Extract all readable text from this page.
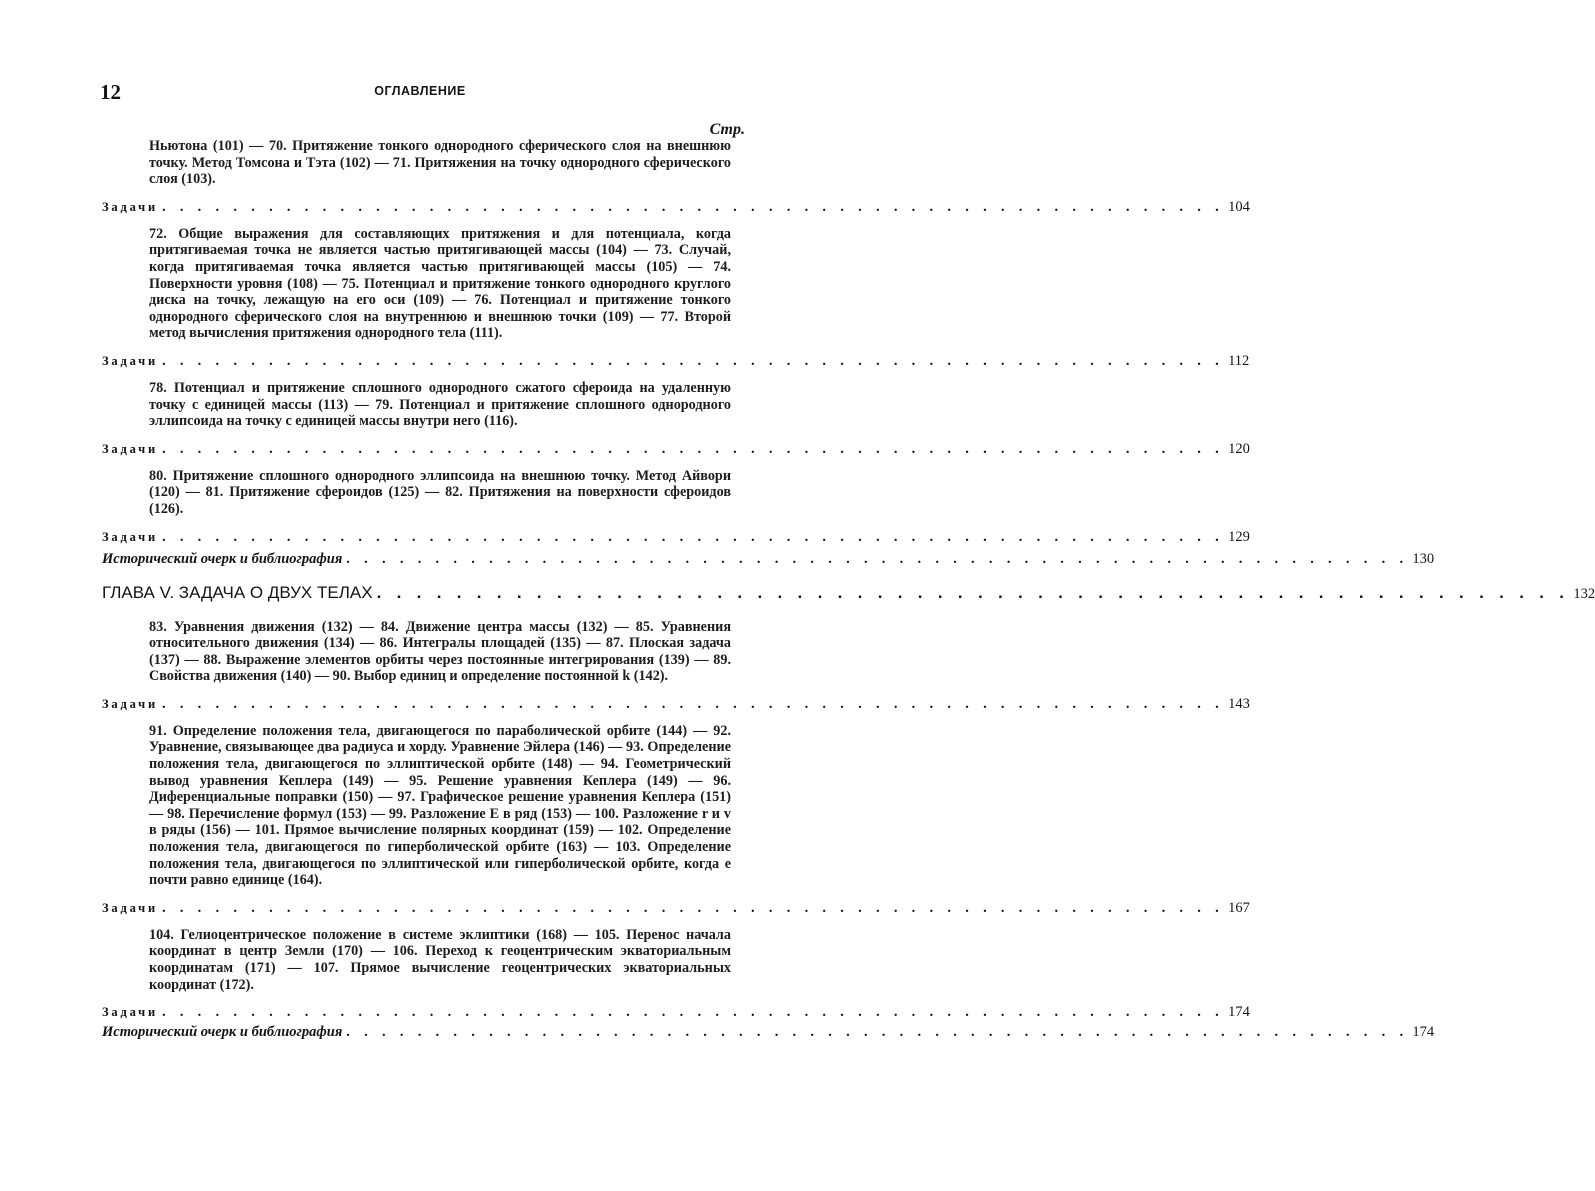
12	ОГЛАВЛЕНИЕ
Стр.

Ньютона (101) — 70. Притяжение тонкого однородного сферического слоя на внешнюю точку. Метод Томсона и Тэта (102) — 71. Притяжения на точку однородного сферического слоя (103).

Задачи . . . . . . . . . . . . . . . . . . . . . . . . . . . . . . . . . . . . . . . . . . . . . . . . . . . . . . . . . . . . 104

72. Общие выражения для составляющих притяжения и для потенциала, когда притягиваемая точка не является частью притягивающей массы (104) — 73. Случай, когда притягиваемая точка является частью притягивающей массы (105) — 74. Поверхности уровня (108) — 75. Потенциал и притяжение тонкого однородного круглого диска на точку, лежащую на его оси (109) — 76. Потенциал и притяжение тонкого однородного сферического слоя на внутреннюю и внешнюю точки (109) — 77. Второй метод вычисления притяжения однородного тела (111).

Задачи . . . . . . . . . . . . . . . . . . . . . . . . . . . . . . . . . . . . . . . . . . . . . . . . . . . . . . . . . . . . 112

78. Потенциал и притяжение сплошного однородного сжатого сфероида на удаленную точку с единицей массы (113) — 79. Потенциал и притяжение сплошного однородного эллипсоида на точку с единицей массы внутри него (116).

Задачи . . . . . . . . . . . . . . . . . . . . . . . . . . . . . . . . . . . . . . . . . . . . . . . . . . . . . . . . . . . . 120

80. Притяжение сплошного однородного эллипсоида на внешнюю точку. Метод Айвори (120) — 81. Притяжение сфероидов (125) — 82. Притяжения на поверхности сфероидов (126).

Задачи . . . . . . . . . . . . . . . . . . . . . . . . . . . . . . . . . . . . . . . . . . . . . . . . . . . . . . . . . . . . 129
Исторический очерк и библиография . . . . . . . . . . . . . . . . . . . . . . . . . . . . . . . . . . . . . . . . . . . . . . . . . . . . . . . . . . . . 130
ГЛАВА V. ЗАДАЧА О ДВУХ ТЕЛАХ . . . . . . . . . . . . . . . . . . . . . . . . . . . . . . . . . . . . . . . . . . . . . . . . . . . . . . . . . . . . 132

83. Уравнения движения (132) — 84. Движение центра массы (132) — 85. Уравнения относительного движения (134) — 86. Интегралы площадей (135) — 87. Плоская задача (137) — 88. Выражение элементов орбиты через постоянные интегрирования (139) — 89. Свойства движения (140) — 90. Выбор единиц и определение постоянной k (142).

Задачи . . . . . . . . . . . . . . . . . . . . . . . . . . . . . . . . . . . . . . . . . . . . . . . . . . . . . . . . . . . . 143

91. Определение положения тела, двигающегося по параболической орбите (144) — 92. Уравнение, связывающее два радиуса и хорду. Уравнение Эйлера (146) — 93. Определение положения тела, двигающегося по эллиптической орбите (148) — 94. Геометрический вывод уравнения Кеплера (149) — 95. Решение уравнения Кеплера (149) — 96. Диференциальные поправки (150) — 97. Графическое решение уравнения Кеплера (151) — 98. Перечисление формул (153) — 99. Разложение E в ряд (153) — 100. Разложение r и v в ряды (156) — 101. Прямое вычисление полярных координат (159) — 102. Определение положения тела, двигающегося по гиперболической орбите (163) — 103. Определение положения тела, двигающегося по эллиптической или гиперболической орбите, когда e почти равно единице (164).

Задачи . . . . . . . . . . . . . . . . . . . . . . . . . . . . . . . . . . . . . . . . . . . . . . . . . . . . . . . . . . . . 167

104. Гелиоцентрическое положение в системе эклиптики (168) — 105. Перенос начала координат в центр Земли (170) — 106. Переход к геоцентрическим экваториальным координатам (171) — 107. Прямое вычисление геоцентрических экваториальных координат (172).

Задачи . . . . . . . . . . . . . . . . . . . . . . . . . . . . . . . . . . . . . . . . . . . . . . . . . . . . . . . . . . . . 174
Исторический очерк и библиография . . . . . . . . . . . . . . . . . . . . . . . . . . . . . . . . . . . . . . . . . . . . . . . . . . . . . . . . . . . . 174
